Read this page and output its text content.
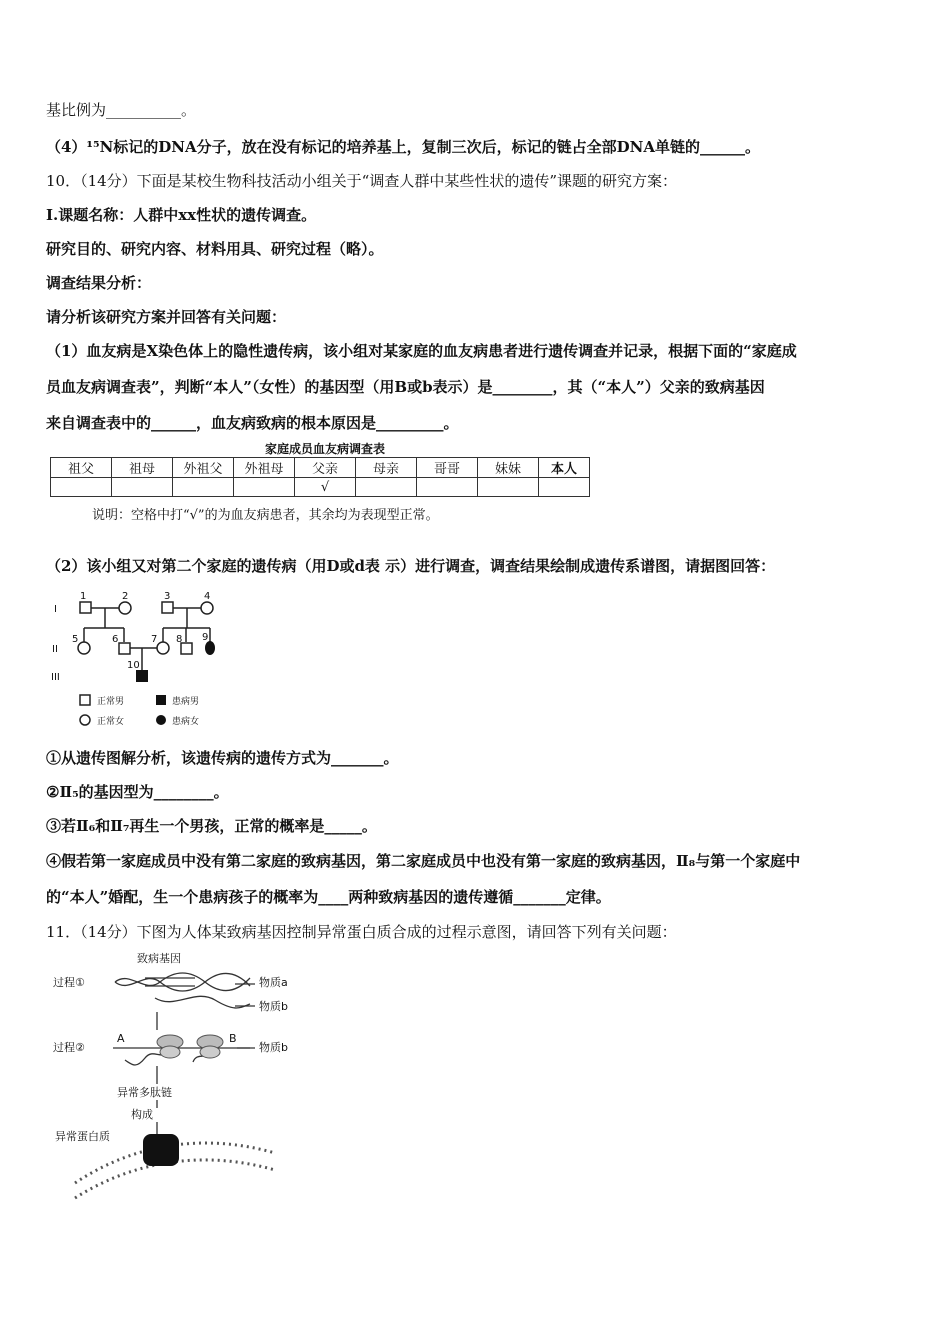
基比例为__________。
（4）¹⁵N标记的DNA分子，放在没有标记的培养基上，复制三次后，标记的链占全部DNA单链的______。
10．（14分）下面是某校生物科技活动小组关于“调查人群中某些性状的遗传”课题的研究方案：
I.课题名称：人群中xx性状的遗传调查。
研究目的、研究内容、材料用具、研究过程（略）。
调查结果分析：
请分析该研究方案并回答有关问题：
（1）血友病是X染色体上的隐性遗传病，该小组对某家庭的血友病患者进行遗传调查并记录，根据下面的“家庭成
员血友病调查表”，判断“本人”（女性）的基因型（用B或b表示）是________，其（“本人”）父亲的致病基因
来自调查表中的______，血友病致病的根本原因是_________。
家庭成员血友病调查表
祖父	祖母	外祖父	外祖母	父亲	母亲	哥哥	妹妹	本人
				√				
说明：空格中打“√”的为血友病患者，其余均为表现型正常。
（2）该小组又对第二个家庭的遗传病（用D或d表 示）进行调查，调查结果绘制成遗传系谱图，请据图回答：
I
II
III
1	2	3	4
5	6	7 8 9
10
正常男	患病男
正常女	患病女
①从遗传图解分析，该遗传病的遗传方式为_______。
②Ⅱ₅的基因型为________。
③若Ⅱ₆和Ⅱ₇再生一个男孩，正常的概率是_____。
④假若第一家庭成员中没有第二家庭的致病基因，第二家庭成员中也没有第一家庭的致病基因，Ⅱ₈与第一个家庭中
的“本人”婚配，生一个患病孩子的概率为____两种致病基因的遗传遵循_______定律。
11．（14分）下图为人体某致病基因控制异常蛋白质合成的过程示意图，请回答下列有关问题：
致病基因
过程①	物质a
物质b
过程②
A	B
物质b
异常多肽链
构成
异常蛋白质
